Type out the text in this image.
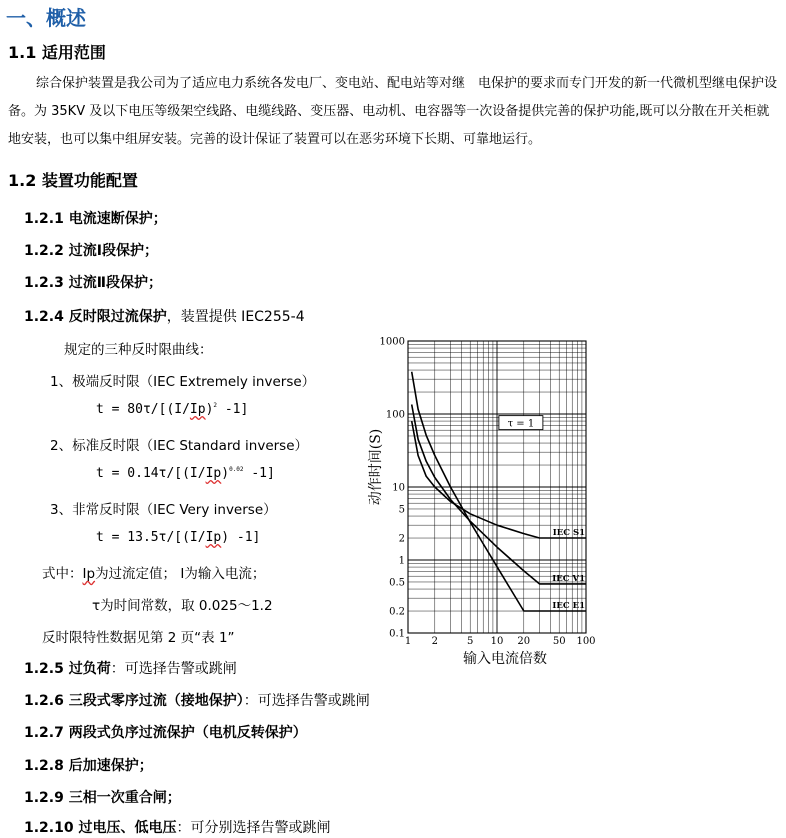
一、概述
1.1 适用范围
综合保护装置是我公司为了适应电力系统各发电厂、变电站、配电站等对继　电保护的要求而专门开发的新一代微机型继电保护设备。为 35KV 及以下电压等级架空线路、电缆线路、变压器、电动机、电容器等一次设备提供完善的保护功能,既可以分散在开关柜就地安装，也可以集中组屏安装。完善的设计保证了装置可以在恶劣环境下长期、可靠地运行。
1.2 装置功能配置
1.2.1 电流速断保护；
1.2.2 过流Ⅰ段保护；
1.2.3 过流Ⅱ段保护；
1.2.4 反时限过流保护，装置提供 IEC255-4
规定的三种反时限曲线：
1、极端反时限（IEC Extremely inverse）
$t = 80\tau/[(I/Ip)^2$ -1]
2、标准反时限（IEC Standard inverse）
$t = 0.14\tau/[(I/Ip)^{0.02}$ -1]
3、非常反时限（IEC Very inverse）
t = 13.5τ/[(I/Ip) -1]
式中：Ip为过流定值； I为输入电流；
τ为时间常数，取 0.025～1.2
反时限特性数据见第 2 页“表 1”
1.2.5 过负荷：可选择告警或跳闸
1.2.6 三段式零序过流（接地保护）：可选择告警或跳闸
1.2.7 两段式负序过流保护（电机反转保护）
1.2.8 后加速保护；
1.2.9 三相一次重合闸；
1.2.10 过电压、低电压：可分别选择告警或跳闸
1 2	5 10 20 50 100
1000
100
10
5
2
1
0.5
0.2
0.1
IEC S1
IEC V1
IEC E1
τ = 1
输入电流倍数
动作时间(S)
